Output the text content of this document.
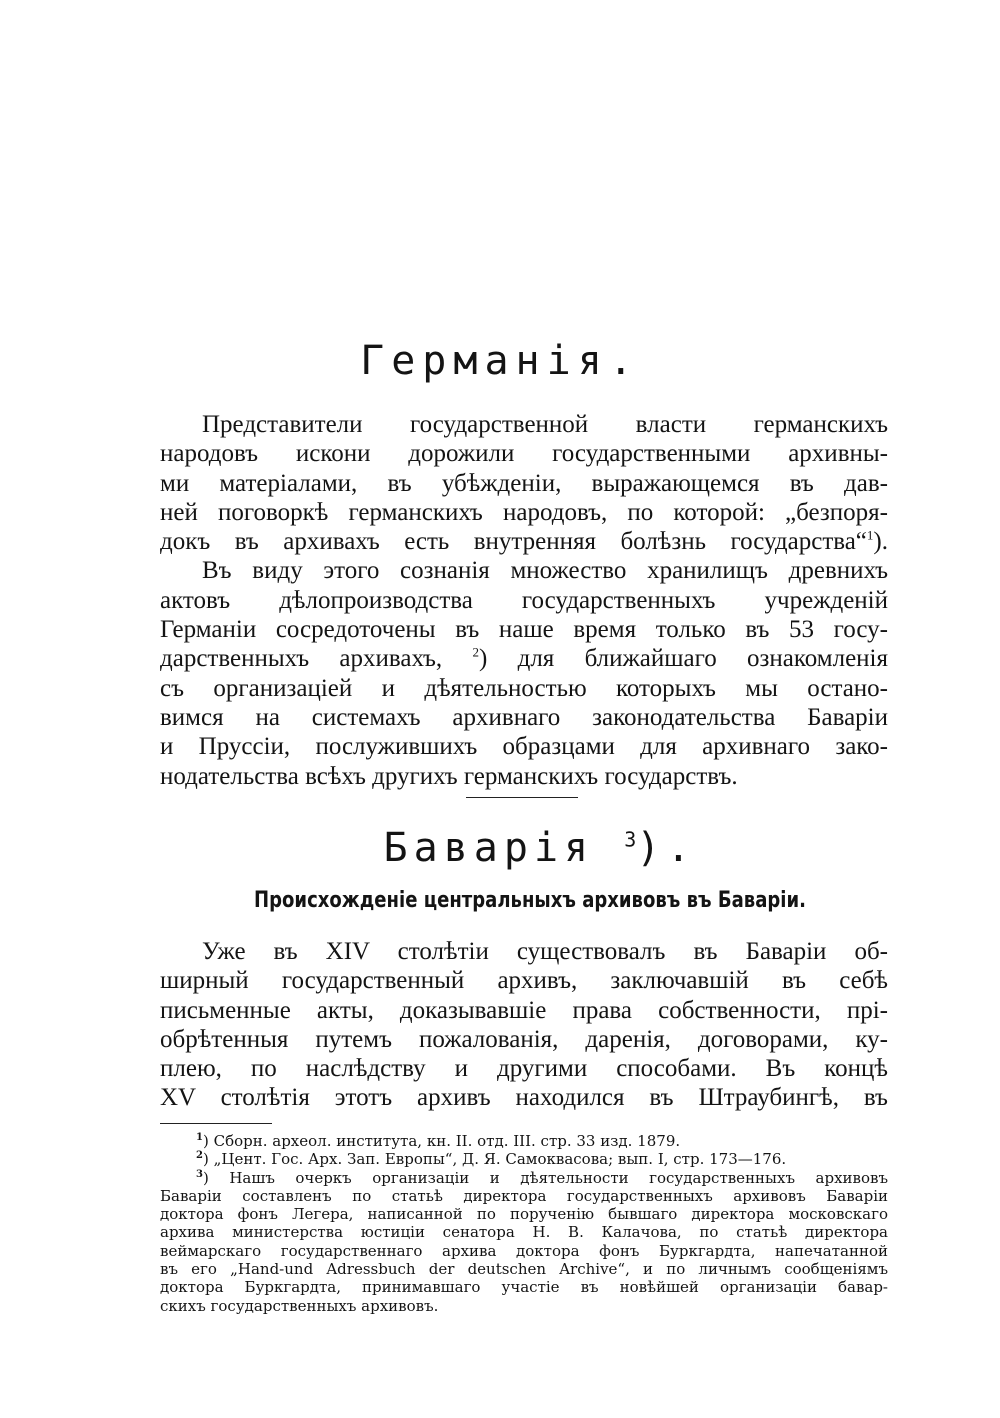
Германія.
Представители государственной власти германскихъ
народовъ искони дорожили государственными архивны-
ми матеріалами, въ убѣжденіи, выражающемся въ дав-
ней поговоркѣ германскихъ народовъ, по которой: „безпоря-
докъ въ архивахъ есть внутренняя болѣзнь государства“$^1$).
Въ виду этого сознанія множество хранилищъ древнихъ
актовъ дѣлопроизводства государственныхъ учрежденій
Германіи сосредоточены въ наше время только въ 53 госу-
дарственныхъ архивахъ, $^2$) для ближайшаго ознакомленія
съ организаціей и дѣятельностью которыхъ мы остано-
вимся на системахъ архивнаго законодательства Баваріи
и Пруссіи, послужившихъ образцами для архивнаго зако-
нодательства всѣхъ другихъ германскихъ государствъ.
Баварія $^3$).
Происхожденіе центральныхъ архивовъ въ Баваріи.
Уже въ XIV столѣтіи существовалъ въ Баваріи об-
ширный государственный архивъ, заключавшій въ себѣ
письменные акты, доказывавшіе права собственности, прі-
обрѣтенныя путемъ пожалованія, даренія, договорами, ку-
плею, по наслѣдству и другими способами. Въ концѣ
XV столѣтія этотъ архивъ находился въ Штраубингѣ, въ
$^1$) Сборн. археол. института, кн. II. отд. III. стр. 33 изд. 1879.
$^2$) „Цент. Гос. Арх. Зап. Европы“, Д. Я. Самоквасова; вып. I, стр. 173—176.
$^3$) Нашъ очеркъ организаціи и дѣятельности государственныхъ архивовъ
Баваріи составленъ по статьѣ директора государственныхъ архивовъ Баваріи
доктора фонъ Легера, написанной по порученію бывшаго директора московскаго
архива министерства юстиціи сенатора Н. В. Калачова, по статьѣ директора
веймарскаго государственнаго архива доктора фонъ Буркгардта, напечатанной
въ его „Hand-und Adressbuch der deutschen Archive“, и по личнымъ сообщеніямъ
доктора Буркгардта, принимавшаго участіе въ новѣйшей организаціи бавар-
скихъ государственныхъ архивовъ.
